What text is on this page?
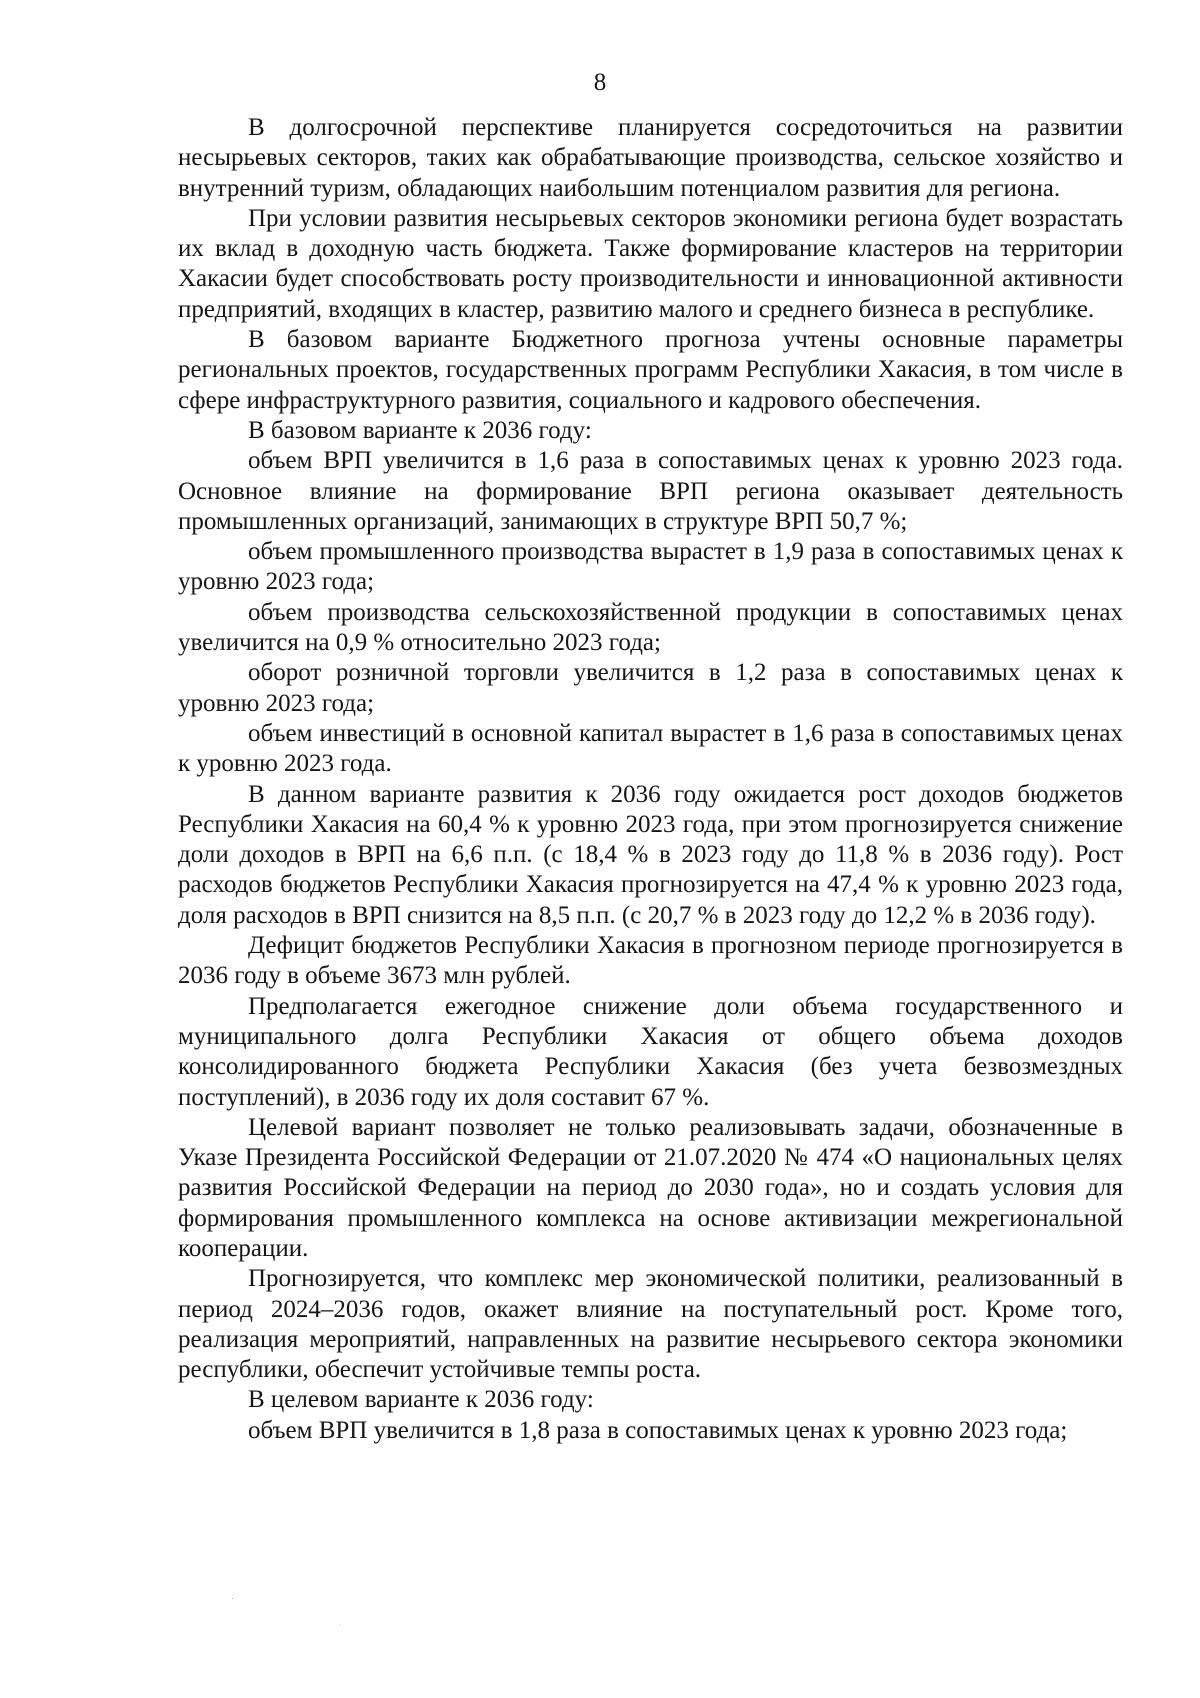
8

В долгосрочной перспективе планируется сосредоточиться на развитии несырьевых секторов, таких как обрабатывающие производства, сельское хозяйство и внутренний туризм, обладающих наибольшим потенциалом развития для региона.

При условии развития несырьевых секторов экономики региона будет возрастать их вклад в доходную часть бюджета. Также формирование кластеров на территории Хакасии будет способствовать росту производительности и инновационной активности предприятий, входящих в кластер, развитию малого и среднего бизнеса в республике.

В базовом варианте Бюджетного прогноза учтены основные параметры региональных проектов, государственных программ Республики Хакасия, в том числе в сфере инфраструктурного развития, социального и кадрового обеспечения.

В базовом варианте к 2036 году:

объем ВРП увеличится в 1,6 раза в сопоставимых ценах к уровню 2023 года. Основное влияние на формирование ВРП региона оказывает деятельность промышленных организаций, занимающих в структуре ВРП 50,7 %;

объем промышленного производства вырастет в 1,9 раза в сопоставимых ценах к уровню 2023 года;

объем производства сельскохозяйственной продукции в сопоставимых ценах увеличится на 0,9 % относительно 2023 года;

оборот розничной торговли увеличится в 1,2 раза в сопоставимых ценах к уровню 2023 года;

объем инвестиций в основной капитал вырастет в 1,6 раза в сопоставимых ценах к уровню 2023 года.

В данном варианте развития к 2036 году ожидается рост доходов бюджетов Республики Хакасия на 60,4 % к уровню 2023 года, при этом прогнозируется снижение доли доходов в ВРП на 6,6 п.п. (с 18,4 % в 2023 году до 11,8 % в 2036 году). Рост расходов бюджетов Республики Хакасия прогнозируется на 47,4 % к уровню 2023 года, доля расходов в ВРП снизится на 8,5 п.п. (с 20,7 % в 2023 году до 12,2 % в 2036 году).

Дефицит бюджетов Республики Хакасия в прогнозном периоде прогнозируется в 2036 году в объеме 3673 млн рублей.

Предполагается ежегодное снижение доли объема государственного и муниципального долга Республики Хакасия от общего объема доходов консолидированного бюджета Республики Хакасия (без учета безвозмездных поступлений), в 2036 году их доля составит 67 %.

Целевой вариант позволяет не только реализовывать задачи, обозначенные в Указе Президента Российской Федерации от 21.07.2020 № 474 «О национальных целях развития Российской Федерации на период до 2030 года», но и создать условия для формирования промышленного комплекса на основе активизации межрегиональной кооперации.

Прогнозируется, что комплекс мер экономической политики, реализованный в период 2024–2036 годов, окажет влияние на поступательный рост. Кроме того, реализация мероприятий, направленных на развитие несырьевого сектора экономики республики, обеспечит устойчивые темпы роста.

В целевом варианте к 2036 году:

объем ВРП увеличится в 1,8 раза в сопоставимых ценах к уровню 2023 года;
